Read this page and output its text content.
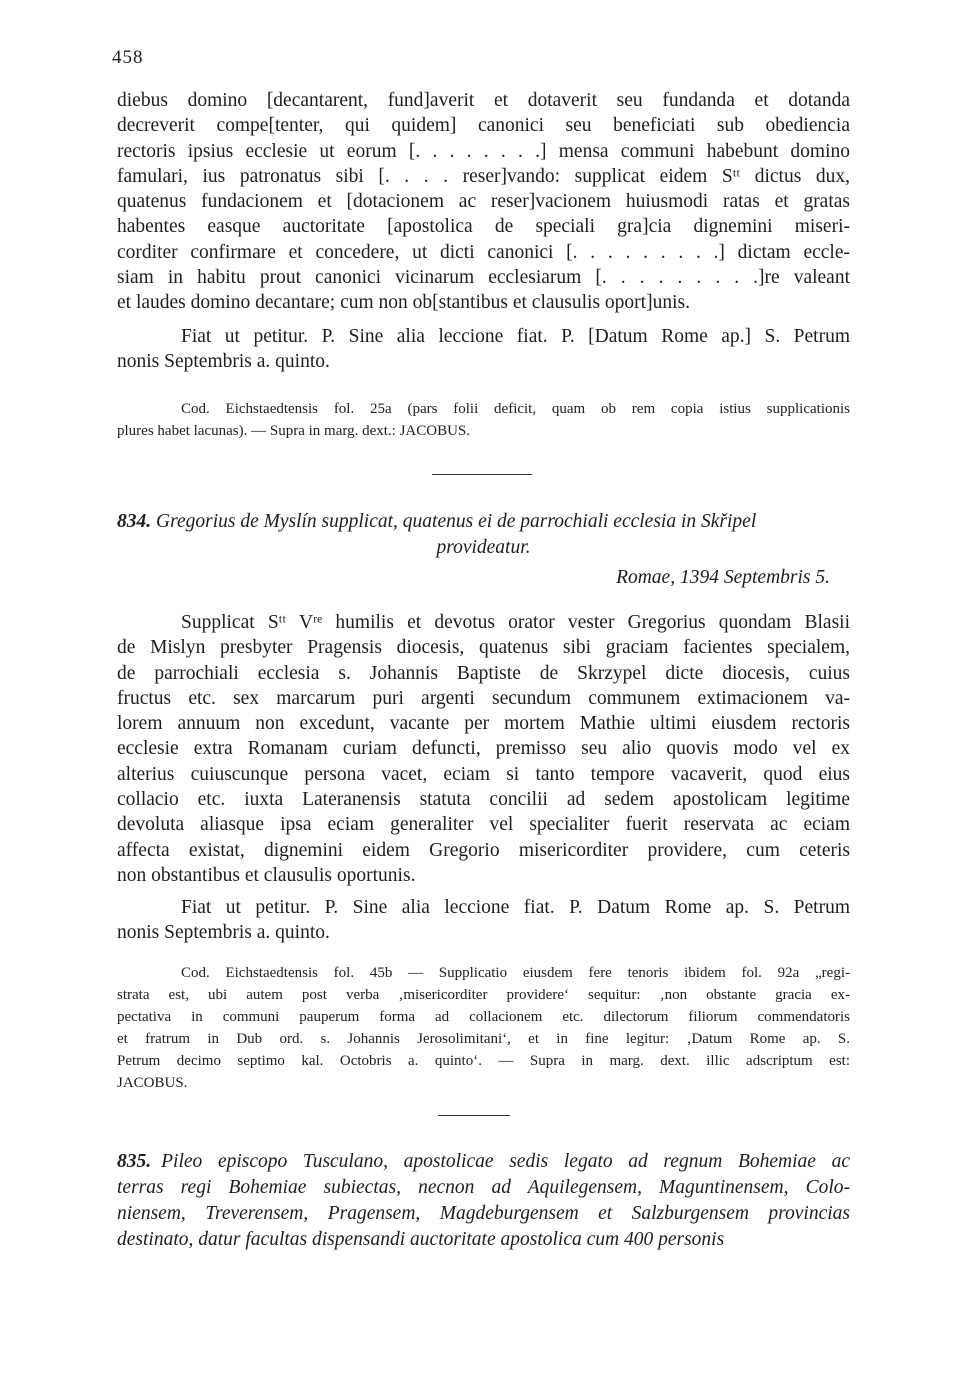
458

diebus domino [decantarent, fund]averit et dotaverit seu fundanda et dotanda
decreverit compe[tenter, qui quidem] canonici seu beneficiati sub obediencia
rectoris ipsius ecclesie ut eorum [. . . . . . . .] mensa communi habebunt domino
famulari, ius patronatus sibi [. . . . reser]vando: supplicat eidem Sᵗᵗ dictus dux,
quatenus fundacionem et [dotacionem ac reser]vacionem huiusmodi ratas et gratas
habentes easque auctoritate [apostolica de speciali gra]cia dignemini miseri-
corditer confirmare et concedere, ut dicti canonici [. . . . . . . . .] dictam eccle-
siam in habitu prout canonici vicinarum ecclesiarum [. . . . . . . . .]re valeant
et laudes domino decantare; cum non ob[stantibus et clausulis oport]unis.

Fiat ut petitur. P. Sine alia leccione fiat. P. [Datum Rome ap.] S. Petrum
nonis Septembris a. quinto.

Cod. Eichstaedtensis fol. 25a (pars folii deficit, quam ob rem copia istius supplicationis
plures habet lacunas). — Supra in marg. dext.: JACOBUS.

834. Gregorius de Myslín supplicat, quatenus ei de parrochiali ecclesia in Skřipel
provideatur.

Romae, 1394 Septembris 5.

Supplicat Sᵗᵗ Vʳᵉ humilis et devotus orator vester Gregorius quondam Blasii
de Mislyn presbyter Pragensis diocesis, quatenus sibi graciam facientes specialem,
de parrochiali ecclesia s. Johannis Baptiste de Skrzypel dicte diocesis, cuius
fructus etc. sex marcarum puri argenti secundum communem extimacionem va-
lorem annuum non excedunt, vacante per mortem Mathie ultimi eiusdem rectoris
ecclesie extra Romanam curiam defuncti, premisso seu alio quovis modo vel ex
alterius cuiuscunque persona vacet, eciam si tanto tempore vacaverit, quod eius
collacio etc. iuxta Lateranensis statuta concilii ad sedem apostolicam legitime
devoluta aliasque ipsa eciam generaliter vel specialiter fuerit reservata ac eciam
affecta existat, dignemini eidem Gregorio misericorditer providere, cum ceteris
non obstantibus et clausulis oportunis.

Fiat ut petitur. P. Sine alia leccione fiat. P. Datum Rome ap. S. Petrum
nonis Septembris a. quinto.

Cod. Eichstaedtensis fol. 45b — Supplicatio eiusdem fere tenoris ibidem fol. 92a „regi-
strata est, ubi autem post verba ‚misericorditer providere‘ sequitur: ‚non obstante gracia ex-
pectativa in communi pauperum forma ad collacionem etc. dilectorum filiorum commendatoris
et fratrum in Dub ord. s. Johannis Jerosolimitani‘, et in fine legitur: ‚Datum Rome ap. S.
Petrum decimo septimo kal. Octobris a. quinto‘. — Supra in marg. dext. illic adscriptum est:
JACOBUS.

835. Pileo episcopo Tusculano, apostolicae sedis legato ad regnum Bohemiae ac
terras regi Bohemiae subiectas, necnon ad Aquilegensem, Maguntinensem, Colo-
niensem, Treverensem, Pragensem, Magdeburgensem et Salzburgensem provincias
destinato, datur facultas dispensandi auctoritate apostolica cum 400 personis
